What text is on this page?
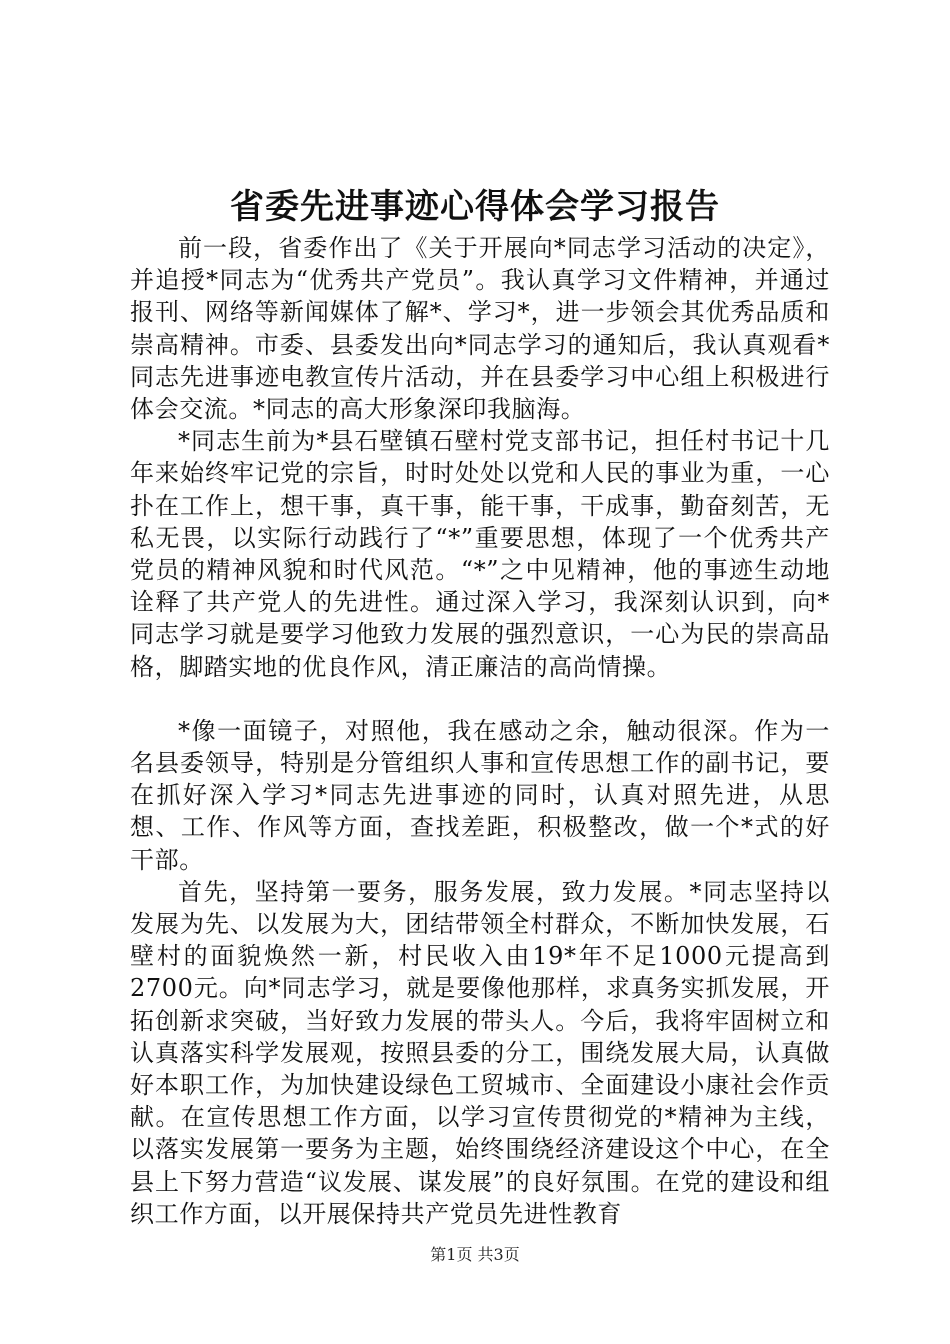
省委先进事迹心得体会学习报告

前一段，省委作出了《关于开展向*同志学习活动的决定》，并追授*同志为“优秀共产党员”。我认真学习文件精神，并通过报刊、网络等新闻媒体了解*、学习*，进一步领会其优秀品质和崇高精神。市委、县委发出向*同志学习的通知后，我认真观看*同志先进事迹电教宣传片活动，并在县委学习中心组上积极进行体会交流。*同志的高大形象深印我脑海。

*同志生前为*县石壁镇石壁村党支部书记，担任村书记十几年来始终牢记党的宗旨，时时处处以党和人民的事业为重，一心扑在工作上，想干事，真干事，能干事，干成事，勤奋刻苦，无私无畏，以实际行动践行了“*”重要思想，体现了一个优秀共产党员的精神风貌和时代风范。“*”之中见精神，他的事迹生动地诠释了共产党人的先进性。通过深入学习，我深刻认识到，向*同志学习就是要学习他致力发展的强烈意识，一心为民的崇高品格，脚踏实地的优良作风，清正廉洁的高尚情操。

*像一面镜子，对照他，我在感动之余，触动很深。作为一名县委领导，特别是分管组织人事和宣传思想工作的副书记，要在抓好深入学习*同志先进事迹的同时，认真对照先进，从思想、工作、作风等方面，查找差距，积极整改，做一个*式的好干部。

首先，坚持第一要务，服务发展，致力发展。*同志坚持以发展为先、以发展为大，团结带领全村群众，不断加快发展，石壁村的面貌焕然一新，村民收入由19*年不足1000元提高到2700元。向*同志学习，就是要像他那样，求真务实抓发展，开拓创新求突破，当好致力发展的带头人。今后，我将牢固树立和认真落实科学发展观，按照县委的分工，围绕发展大局，认真做好本职工作，为加快建设绿色工贸城市、全面建设小康社会作贡献。在宣传思想工作方面，以学习宣传贯彻党的*精神为主线，以落实发展第一要务为主题，始终围绕经济建设这个中心，在全县上下努力营造“议发展、谋发展”的良好氛围。在党的建设和组织工作方面，以开展保持共产党员先进性教育

第1页 共3页
